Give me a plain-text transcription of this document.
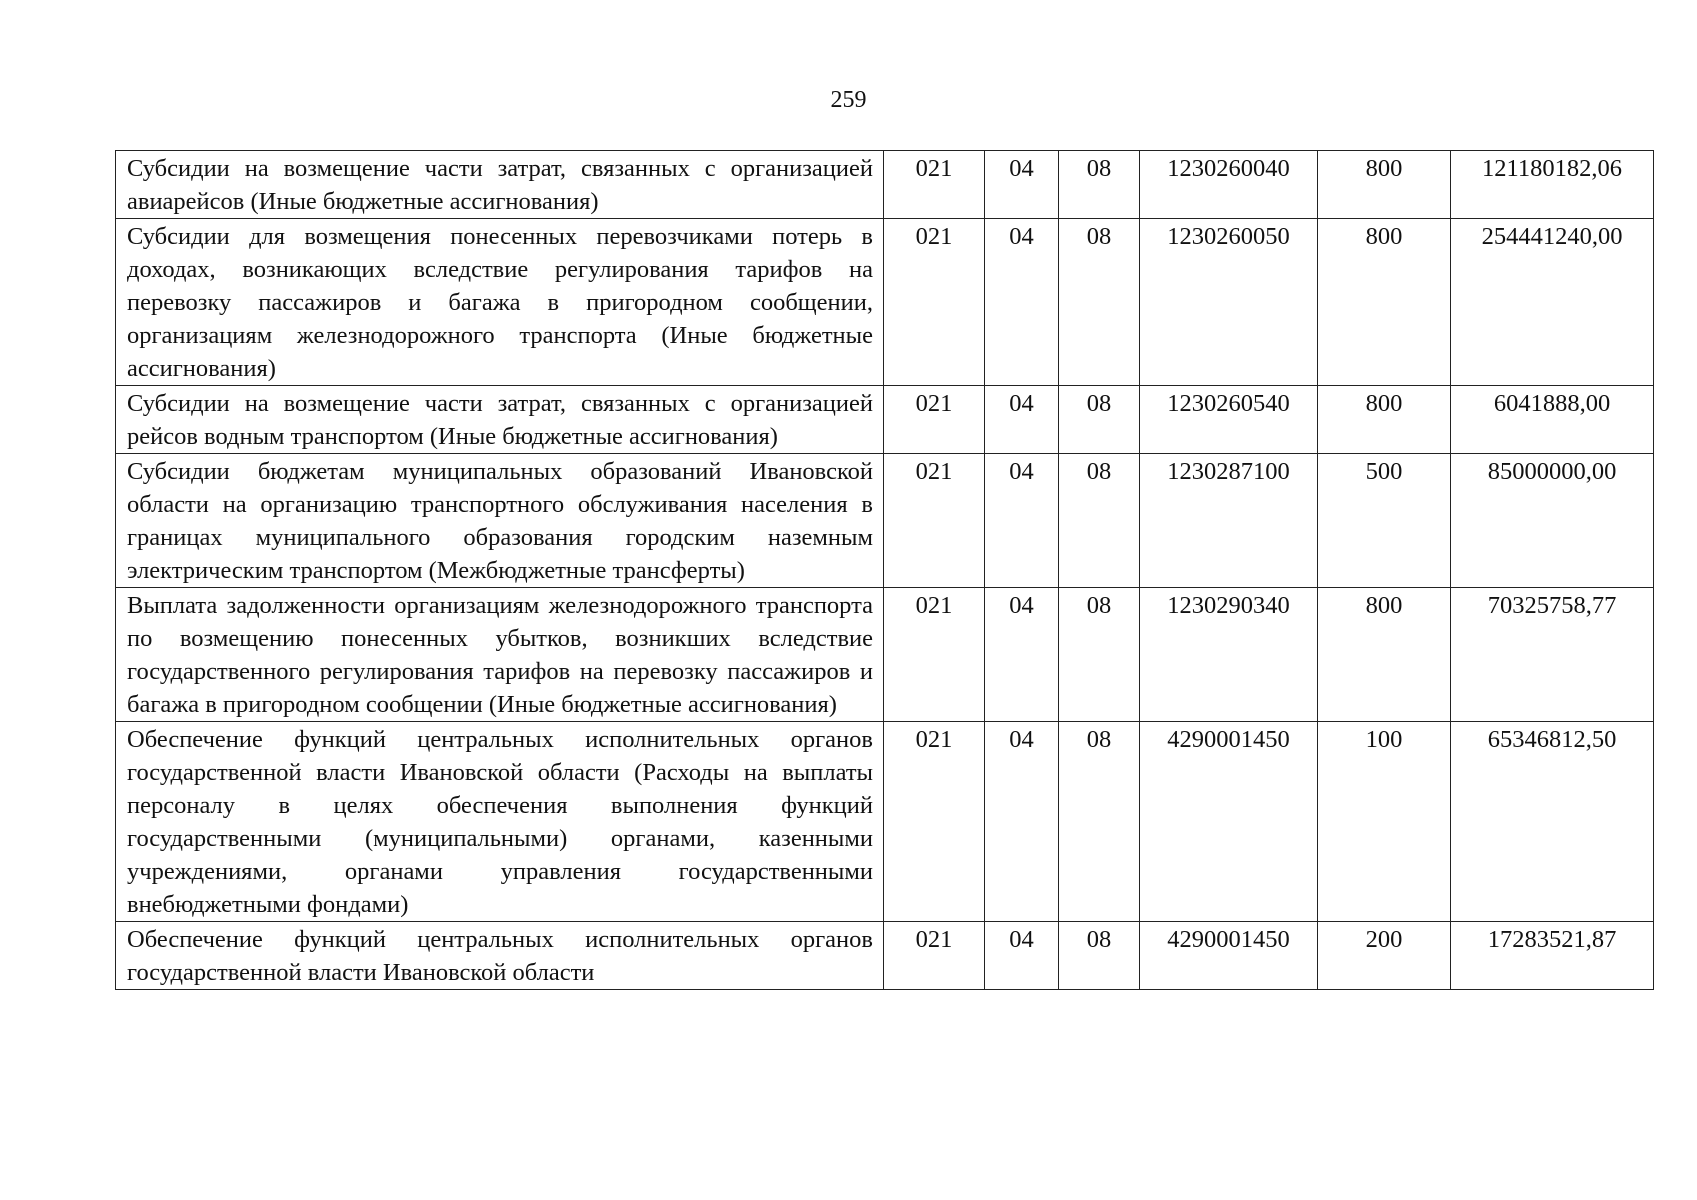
259
Субсидии на возмещение части затрат, связанных с организацией авиарейсов (Иные бюджетные ассигнования)	021	04	08	1230260040	800	121180182,06
Субсидии для возмещения понесенных перевозчиками потерь в доходах, возникающих вследствие регулирования тарифов на перевозку пассажиров и багажа в пригородном сообщении, организациям железнодорожного транспорта (Иные бюджетные ассигнования)	021	04	08	1230260050	800	254441240,00
Субсидии на возмещение части затрат, связанных с организацией рейсов водным транспортом (Иные бюджетные ассигнования)	021	04	08	1230260540	800	6041888,00
Субсидии бюджетам муниципальных образований Ивановской области на организацию транспортного обслуживания населения в границах муниципального образования городским наземным электрическим транспортом (Межбюджетные трансферты)	021	04	08	1230287100	500	85000000,00
Выплата задолженности организациям железнодорожного транспорта по возмещению понесенных убытков, возникших вследствие государственного регулирования тарифов на перевозку пассажиров и багажа в пригородном сообщении (Иные бюджетные ассигнования)	021	04	08	1230290340	800	70325758,77
Обеспечение функций центральных исполнительных органов государственной власти Ивановской области (Расходы на выплаты персоналу в целях обеспечения выполнения функций государственными (муниципальными) органами, казенными учреждениями, органами управления государственными внебюджетными фондами)	021	04	08	4290001450	100	65346812,50
Обеспечение функций центральных исполнительных органов государственной власти Ивановской области	021	04	08	4290001450	200	17283521,87
